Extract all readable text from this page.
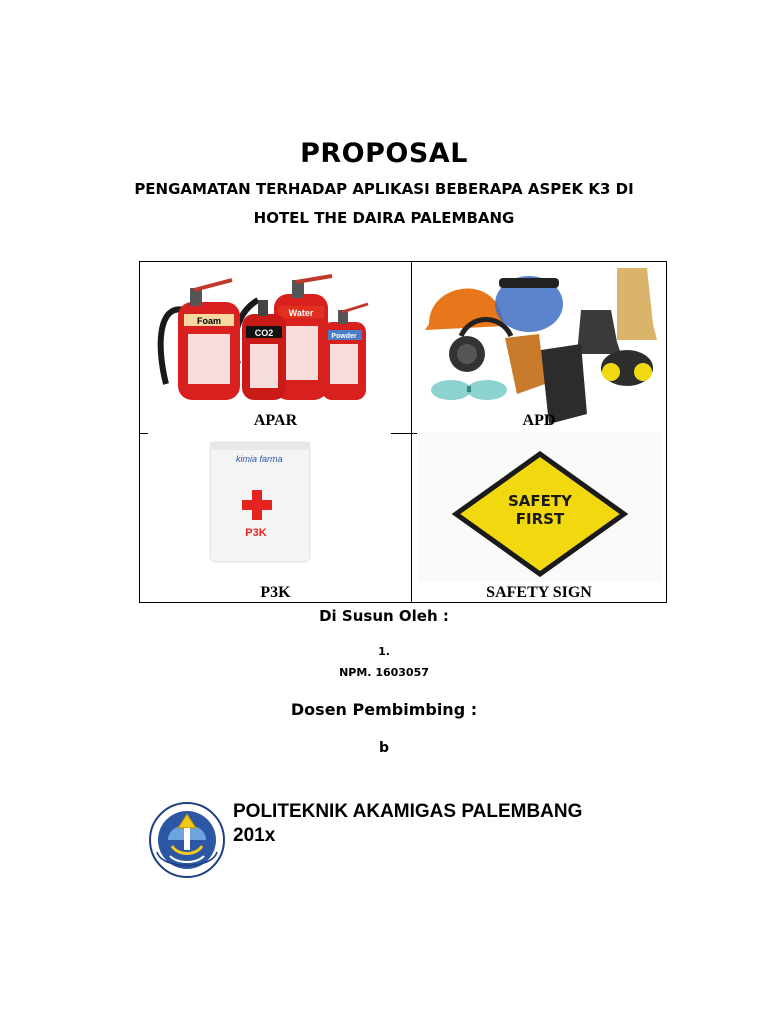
PROPOSAL
PENGAMATAN TERHADAP APLIKASI BEBERAPA ASPEK K3 DI
HOTEL THE DAIRA PALEMBANG
Foam
Powder
Water
CO2
APAR	APD
kimia farma
P3K
P3K
SAFETY
FIRST
SAFETY SIGN
Di Susun Oleh :
1.
NPM. 1603057
Dosen Pembimbing :
b
POLITEKNIK AKAMIGAS PALEMBANG
201x
